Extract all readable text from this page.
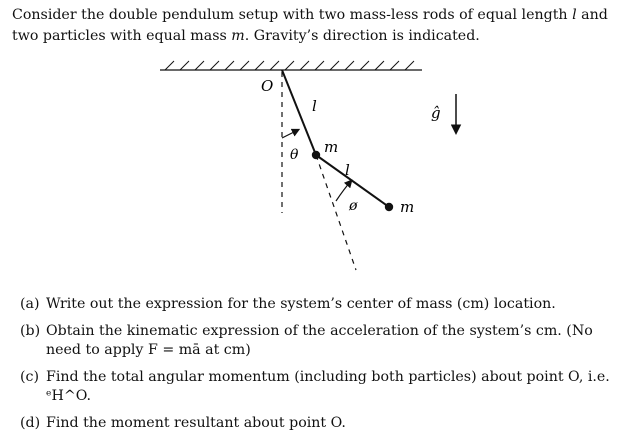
Consider the double pendulum setup with two mass-less rods of equal length l and two particles with equal mass m. Gravity’s direction is indicated.
O
l
θ m
l
ø	m
ĝ
(a) Write out the expression for the system’s center of mass (cm) location.
(b) Obtain the kinematic expression of the acceleration of the system’s cm. (No need to apply F = mā at cm)
(c) Find the total angular momentum (including both particles) about point O, i.e. ᵉH^O.
(d) Find the moment resultant about point O.
